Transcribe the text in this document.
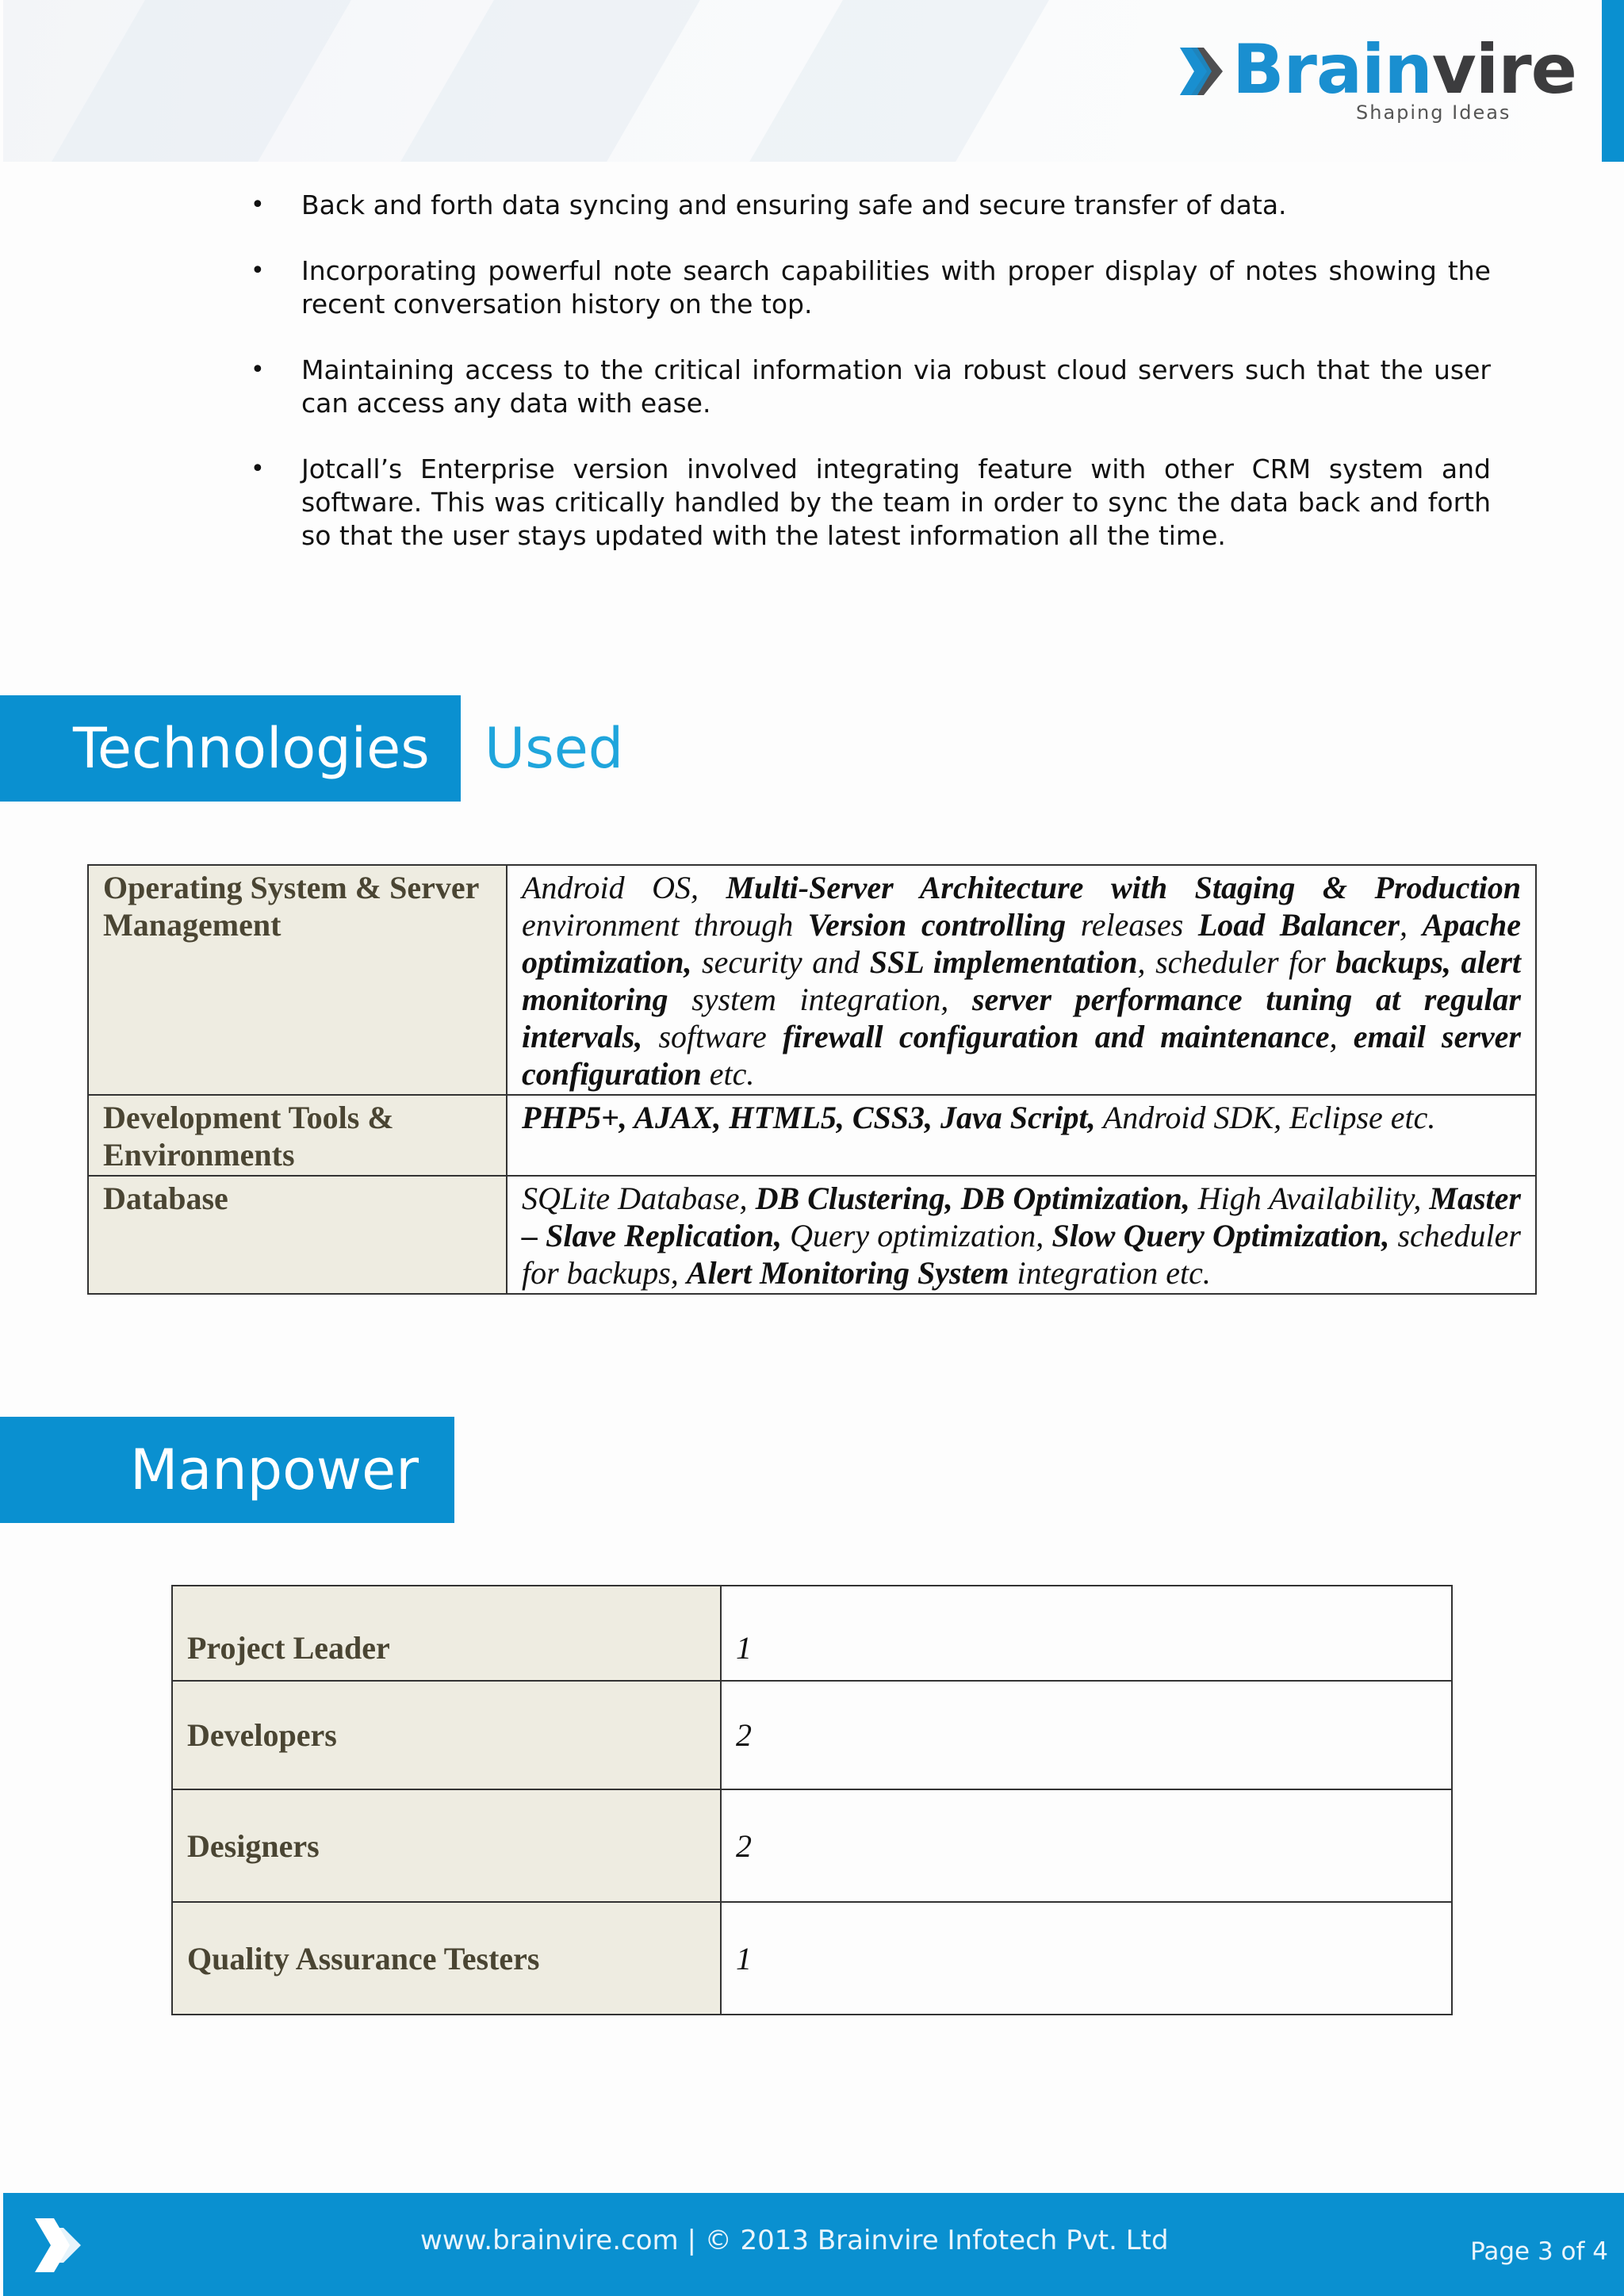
Brainvire
Shaping Ideas
• Back and forth data syncing and ensuring safe and secure transfer of data.
• Incorporating powerful note search capabilities with proper display of notes showing the recent conversation history on the top.
• Maintaining access to the critical information via robust cloud servers such that the user can access any data with ease.
• Jotcall’s Enterprise version involved integrating feature with other CRM system and software. This was critically handled by the team in order to sync the data back and forth so that the user stays updated with the latest information all the time.
Technologies Used
Operating System & Server Management	Android OS, Multi-Server Architecture with Staging & Production environment through Version controlling releases Load Balancer, Apache optimization, security and SSL implementation, scheduler for backups, alert monitoring system integration, server performance tuning at regular intervals, software firewall configuration and maintenance, email server configuration etc.
Development Tools & Environments	PHP5+, AJAX, HTML5, CSS3, Java Script, Android SDK, Eclipse etc.
Database	SQLite Database, DB Clustering, DB Optimization, High Availability, Master – Slave Replication, Query optimization, Slow Query Optimization, scheduler for backups, Alert Monitoring System integration etc.
Manpower
Project Leader	1
Developers	2
Designers	2
Quality Assurance Testers	1
www.brainvire.com | © 2013 Brainvire Infotech Pvt. Ltd	Page 3 of 4
